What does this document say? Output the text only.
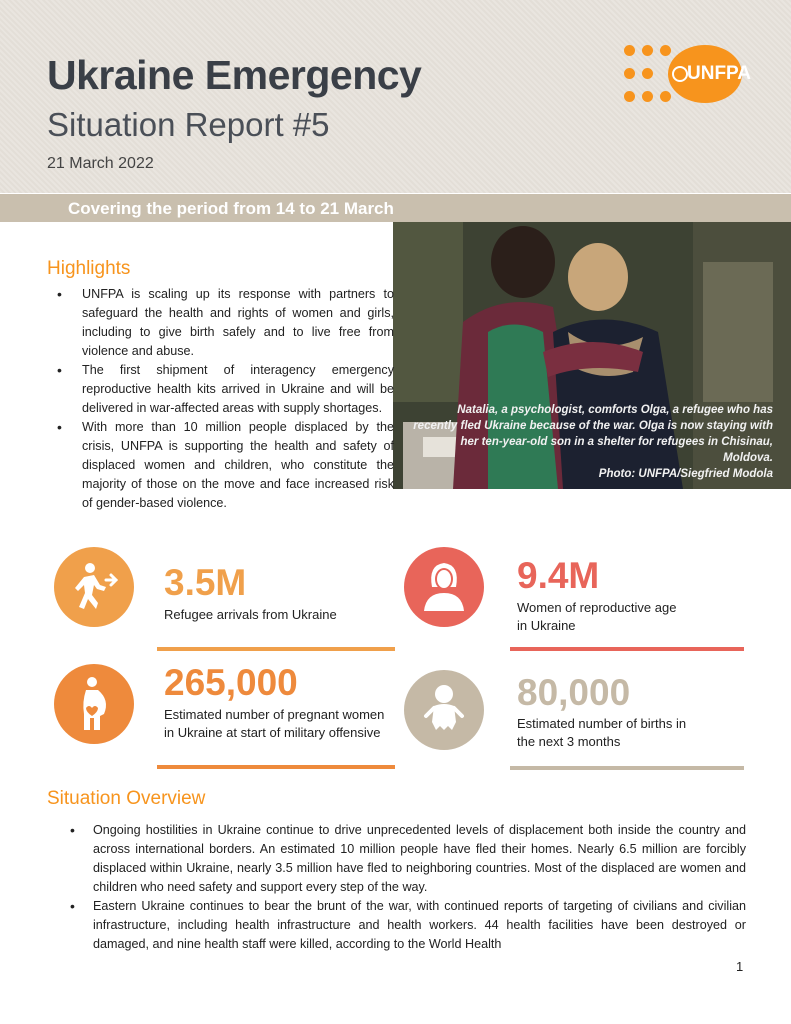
Ukraine Emergency
Situation Report #5
21 March 2022
UNFPA
Covering the period from 14 to 21 March
Natalia, a psychologist, comforts Olga, a refugee who has recently fled Ukraine because of the war. Olga is now staying with her ten-year-old son in a shelter for refugees in Chisinau, Moldova.
Photo: UNFPA/Siegfried Modola
Highlights
• UNFPA is scaling up its response with partners to safeguard the health and rights of women and girls, including to give birth safely and to live free from violence and abuse.
• The first shipment of interagency emergency reproductive health kits arrived in Ukraine and will be delivered in war-affected areas with supply shortages.
• With more than 10 million people displaced by the crisis, UNFPA is supporting the health and safety of displaced women and children, who constitute the majority of those on the move and face increased risk of gender-based violence.
3.5M
Refugee arrivals from Ukraine
9.4M
Women of reproductive age in Ukraine
265,000
Estimated number of pregnant women in Ukraine at start of military offensive
80,000
Estimated number of births in the next 3 months
Situation Overview
• Ongoing hostilities in Ukraine continue to drive unprecedented levels of displacement both inside the country and across international borders. An estimated 10 million people have fled their homes. Nearly 6.5 million are forcibly displaced within Ukraine, nearly 3.5 million have fled to neighboring countries. Most of the displaced are women and children who need safety and support every step of the way.
• Eastern Ukraine continues to bear the brunt of the war, with continued reports of targeting of civilians and civilian infrastructure, including health infrastructure and health workers. 44 health facilities have been destroyed or damaged, and nine health staff were killed, according to the World Health
1
